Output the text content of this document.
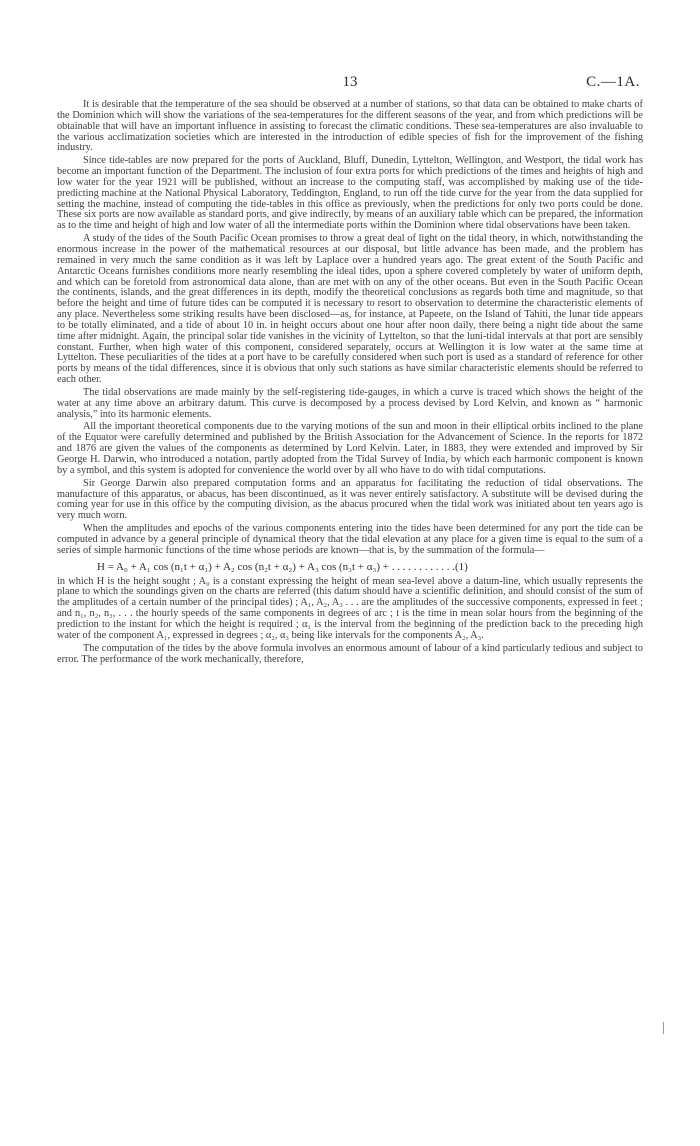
13	C.—1A.

It is desirable that the temperature of the sea should be observed at a number of stations, so that data can be obtained to make charts of the Dominion which will show the variations of the sea-temperatures for the different seasons of the year, and from which predictions will be obtainable that will have an important influence in assisting to forecast the climatic conditions. These sea-temperatures are also invaluable to the various acclimatization societies which are interested in the introduction of edible species of fish for the improvement of the fishing industry.

Since tide-tables are now prepared for the ports of Auckland, Bluff, Dunedin, Lyttelton, Wellington, and Westport, the tidal work has become an important function of the Department. The inclusion of four extra ports for which predictions of the times and heights of high and low water for the year 1921 will be published, without an increase to the computing staff, was accomplished by making use of the tide-predicting machine at the National Physical Laboratory, Teddington, England, to run off the tide curve for the year from the data supplied for setting the machine, instead of computing the tide-tables in this office as previously, when the predictions for only two ports could be done. These six ports are now available as standard ports, and give indirectly, by means of an auxiliary table which can be prepared, the information as to the time and height of high and low water of all the intermediate ports within the Dominion where tidal observations have been taken.

A study of the tides of the South Pacific Ocean promises to throw a great deal of light on the tidal theory, in which, notwithstanding the enormous increase in the power of the mathematical resources at our disposal, but little advance has been made, and the problem has remained in very much the same condition as it was left by Laplace over a hundred years ago. The great extent of the South Pacific and Antarctic Oceans furnishes conditions more nearly resembling the ideal tides, upon a sphere covered completely by water of uniform depth, and which can be foretold from astronomical data alone, than are met with on any of the other oceans. But even in the South Pacific Ocean the continents, islands, and the great differences in its depth, modify the theoretical conclusions as regards both time and magnitude, so that before the height and time of future tides can be computed it is necessary to resort to observation to determine the characteristic elements of any place. Nevertheless some striking results have been disclosed—as, for instance, at Papeete, on the Island of Tahiti, the lunar tide appears to be totally eliminated, and a tide of about 10 in. in height occurs about one hour after noon daily, there being a night tide about the same time after midnight. Again, the principal solar tide vanishes in the vicinity of Lyttelton, so that the luni-tidal intervals at that port are sensibly constant. Further, when high water of this component, considered separately, occurs at Wellington it is low water at the same time at Lyttelton. These peculiarities of the tides at a port have to be carefully considered when such port is used as a standard of reference for other ports by means of the tidal differences, since it is obvious that only such stations as have similar characteristic elements should be referred to each other.

The tidal observations are made mainly by the self-registering tide-gauges, in which a curve is traced which shows the height of the water at any time above an arbitrary datum. This curve is decomposed by a process devised by Lord Kelvin, and known as “ harmonic analysis,” into its harmonic elements.

All the important theoretical components due to the varying motions of the sun and moon in their elliptical orbits inclined to the plane of the Equator were carefully determined and published by the British Association for the Advancement of Science. In the reports for 1872 and 1876 are given the values of the components as determined by Lord Kelvin. Later, in 1883, they were extended and improved by Sir George H. Darwin, who introduced a notation, partly adopted from the Tidal Survey of India, by which each harmonic component is known by a symbol, and this system is adopted for convenience the world over by all who have to do with tidal computations.

Sir George Darwin also prepared computation forms and an apparatus for facilitating the reduction of tidal observations. The manufacture of this apparatus, or abacus, has been discontinued, as it was never entirely satisfactory. A substitute will be devised during the coming year for use in this office by the computing division, as the abacus procured when the tidal work was initiated about ten years ago is very much worn.

When the amplitudes and epochs of the various components entering into the tides have been determined for any port the tide can be computed in advance by a general principle of dynamical theory that the tidal elevation at any place for a given time is equal to the sum of a series of simple harmonic functions of the time whose periods are known—that is, by the summation of the formula—

H = A₀ + A₁ cos (n₁t + α₁) + A₂ cos (n₂t + α₂) + A₃ cos (n₃t + α₃) + . . . . . . . . . . . .(1)

in which H is the height sought ; A₀ is a constant expressing the height of mean sea-level above a datum-line, which usually represents the plane to which the soundings given on the charts are referred (this datum should have a scientific definition, and should consist of the sum of the amplitudes of a certain number of the principal tides) ; A₁, A₂, A₃ . . . are the amplitudes of the successive components, expressed in feet ; and n₁, n₂, n₃, . . . the hourly speeds of the same components in degrees of arc ; t is the time in mean solar hours from the beginning of the prediction to the instant for which the height is required ; α₁ is the interval from the beginning of the prediction back to the preceding high water of the component A₁, expressed in degrees ; α₂, α₃ being like intervals for the components A₂, A₃.

The computation of the tides by the above formula involves an enormous amount of labour of a kind particularly tedious and subject to error. The performance of the work mechanically, therefore,
